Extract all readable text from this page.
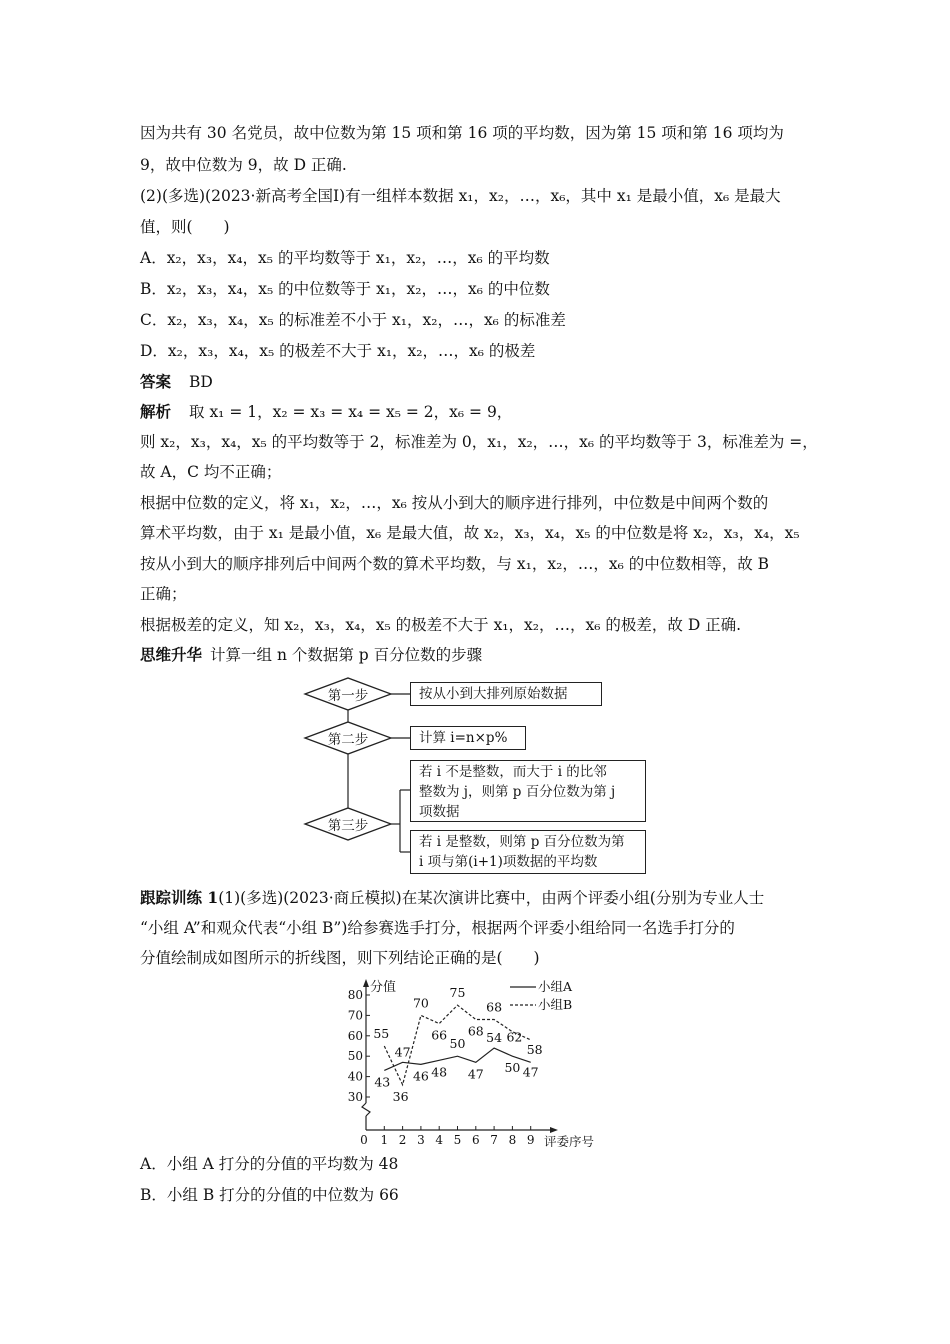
因为共有 30 名党员，故中位数为第 15 项和第 16 项的平均数，因为第 15 项和第 16 项均为
9，故中位数为 9，故 D 正确.
(2)(多选)(2023·新高考全国Ⅰ)有一组样本数据 x₁，x₂，…，x₆，其中 x₁ 是最小值，x₆ 是最大
值，则(　　)
A．x₂，x₃，x₄，x₅ 的平均数等于 x₁，x₂，…，x₆ 的平均数
B．x₂，x₃，x₄，x₅ 的中位数等于 x₁，x₂，…，x₆ 的中位数
C．x₂，x₃，x₄，x₅ 的标准差不小于 x₁，x₂，…，x₆ 的标准差
D．x₂，x₃，x₄，x₅ 的极差不大于 x₁，x₂，…，x₆ 的极差
答案 BD
解析 取 x₁ = 1，x₂ = x₃ = x₄ = x₅ = 2，x₆ = 9，
则 x₂，x₃，x₄，x₅ 的平均数等于 2，标准差为 0，x₁，x₂，…，x₆ 的平均数等于 3，标准差为 =，
故 A，C 均不正确；
根据中位数的定义，将 x₁，x₂，…，x₆ 按从小到大的顺序进行排列，中位数是中间两个数的
算术平均数，由于 x₁ 是最小值，x₆ 是最大值，故 x₂，x₃，x₄，x₅ 的中位数是将 x₂，x₃，x₄，x₅
按从小到大的顺序排列后中间两个数的算术平均数，与 x₁，x₂，…，x₆ 的中位数相等，故 B
正确；
根据极差的定义，知 x₂，x₃，x₄，x₅ 的极差不大于 x₁，x₂，…，x₆ 的极差，故 D 正确.
思维升华 计算一组 n 个数据第 p 百分位数的步骤
第一步
第二步
第三步
按从小到大排列原始数据
计算 i=n×p%
若 i 不是整数，而大于 i 的比邻
整数为 j，则第 p 百分位数为第 j
项数据
若 i 是整数，则第 p 百分位数为第
i 项与第(i+1)项数据的平均数
跟踪训练 1(1)(多选)(2023·商丘模拟)在某次演讲比赛中，由两个评委小组(分别为专业人士
“小组 A”和观众代表“小组 B”)给参赛选手打分，根据两个评委小组给同一名选手打分的
分值绘制成如图所示的折线图，则下列结论正确的是(　　)
30
40
50
60
70
80
0 1 2 3 4 5 6 7 8 9
分值
评委序号
43
47
46 48
50
47
54
50 47
55
36
70
66
75
68
68
62
58
小组A
小组B
A．小组 A 打分的分值的平均数为 48
B．小组 B 打分的分值的中位数为 66
